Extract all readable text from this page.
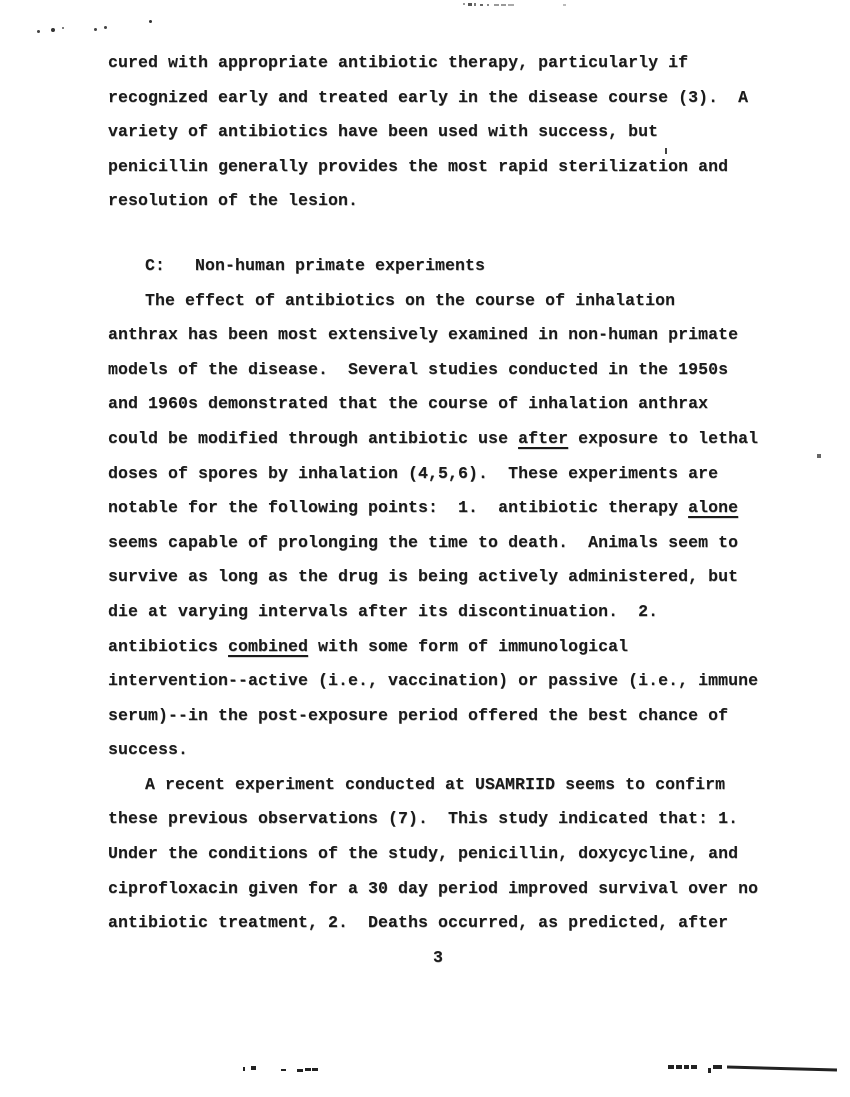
cured with appropriate antibiotic therapy, particularly if
recognized early and treated early in the disease course (3).  A
variety of antibiotics have been used with success, but
penicillin generally provides the most rapid sterilization and
resolution of the lesion.
C:   Non-human primate experiments
The effect of antibiotics on the course of inhalation
anthrax has been most extensively examined in non-human primate
models of the disease.  Several studies conducted in the 1950s
and 1960s demonstrated that the course of inhalation anthrax
could be modified through antibiotic use after exposure to lethal
doses of spores by inhalation (4,5,6).  These experiments are
notable for the following points:  1.  antibiotic therapy alone
seems capable of prolonging the time to death.  Animals seem to
survive as long as the drug is being actively administered, but
die at varying intervals after its discontinuation.  2.
antibiotics combined with some form of immunological
intervention--active (i.e., vaccination) or passive (i.e., immune
serum)--in the post-exposure period offered the best chance of
success.
A recent experiment conducted at USAMRIID seems to confirm
these previous observations (7).  This study indicated that: 1.
Under the conditions of the study, penicillin, doxycycline, and
ciprofloxacin given for a 30 day period improved survival over no
antibiotic treatment, 2.  Deaths occurred, as predicted, after
3
